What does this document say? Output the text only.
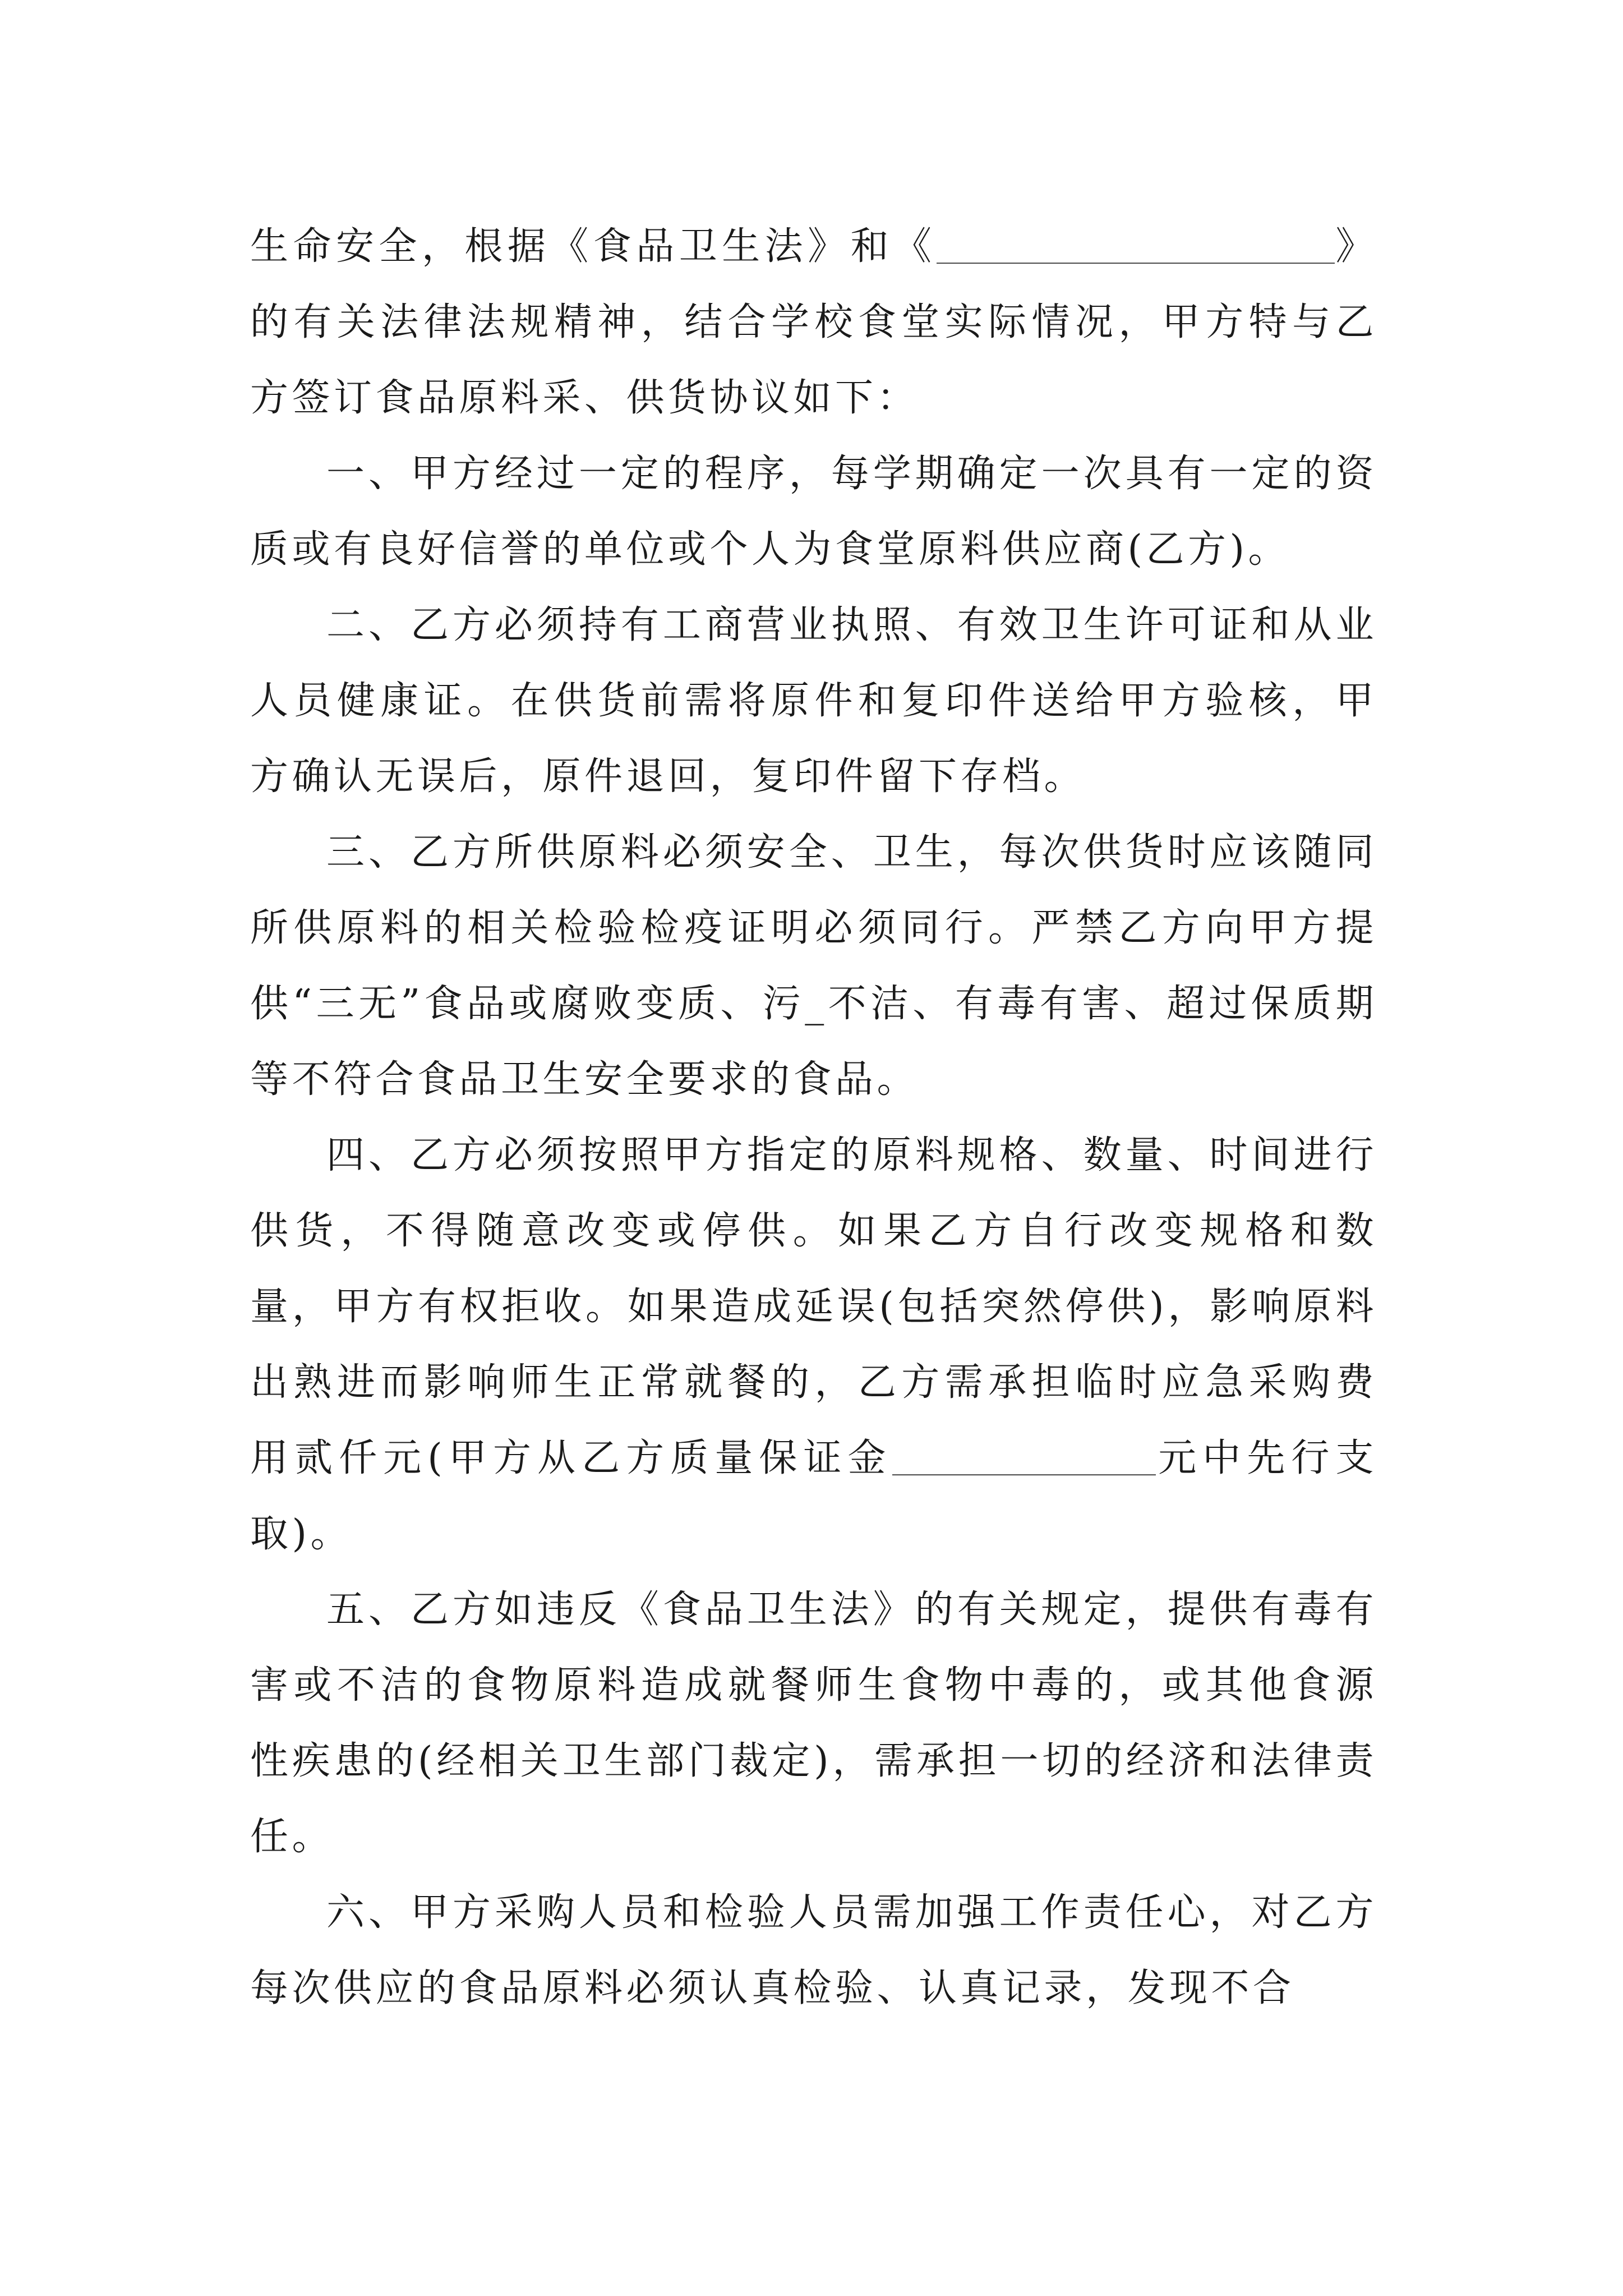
生命安全，根据《食品卫生法》和《	》的有关法律法规精神，结合学校食堂实际情况，甲方特与乙方签订食品原料采、供货协议如下：

一、甲方经过一定的程序，每学期确定一次具有一定的资质或有良好信誉的单位或个人为食堂原料供应商(乙方)。

二、乙方必须持有工商营业执照、有效卫生许可证和从业人员健康证。在供货前需将原件和复印件送给甲方验核，甲方确认无误后，原件退回，复印件留下存档。

三、乙方所供原料必须安全、卫生，每次供货时应该随同所供原料的相关检验检疫证明必须同行。严禁乙方向甲方提供“三无”食品或腐败变质、污_不洁、有毒有害、超过保质期等不符合食品卫生安全要求的食品。

四、乙方必须按照甲方指定的原料规格、数量、时间进行供货，不得随意改变或停供。如果乙方自行改变规格和数量，甲方有权拒收。如果造成延误(包括突然停供)，影响原料出熟进而影响师生正常就餐的，乙方需承担临时应急采购费用贰仟元(甲方从乙方质量保证金	元中先行支取)。

五、乙方如违反《食品卫生法》的有关规定，提供有毒有害或不洁的食物原料造成就餐师生食物中毒的，或其他食源性疾患的(经相关卫生部门裁定)，需承担一切的经济和法律责任。

六、甲方采购人员和检验人员需加强工作责任心，对乙方每次供应的食品原料必须认真检验、认真记录，发现不合
